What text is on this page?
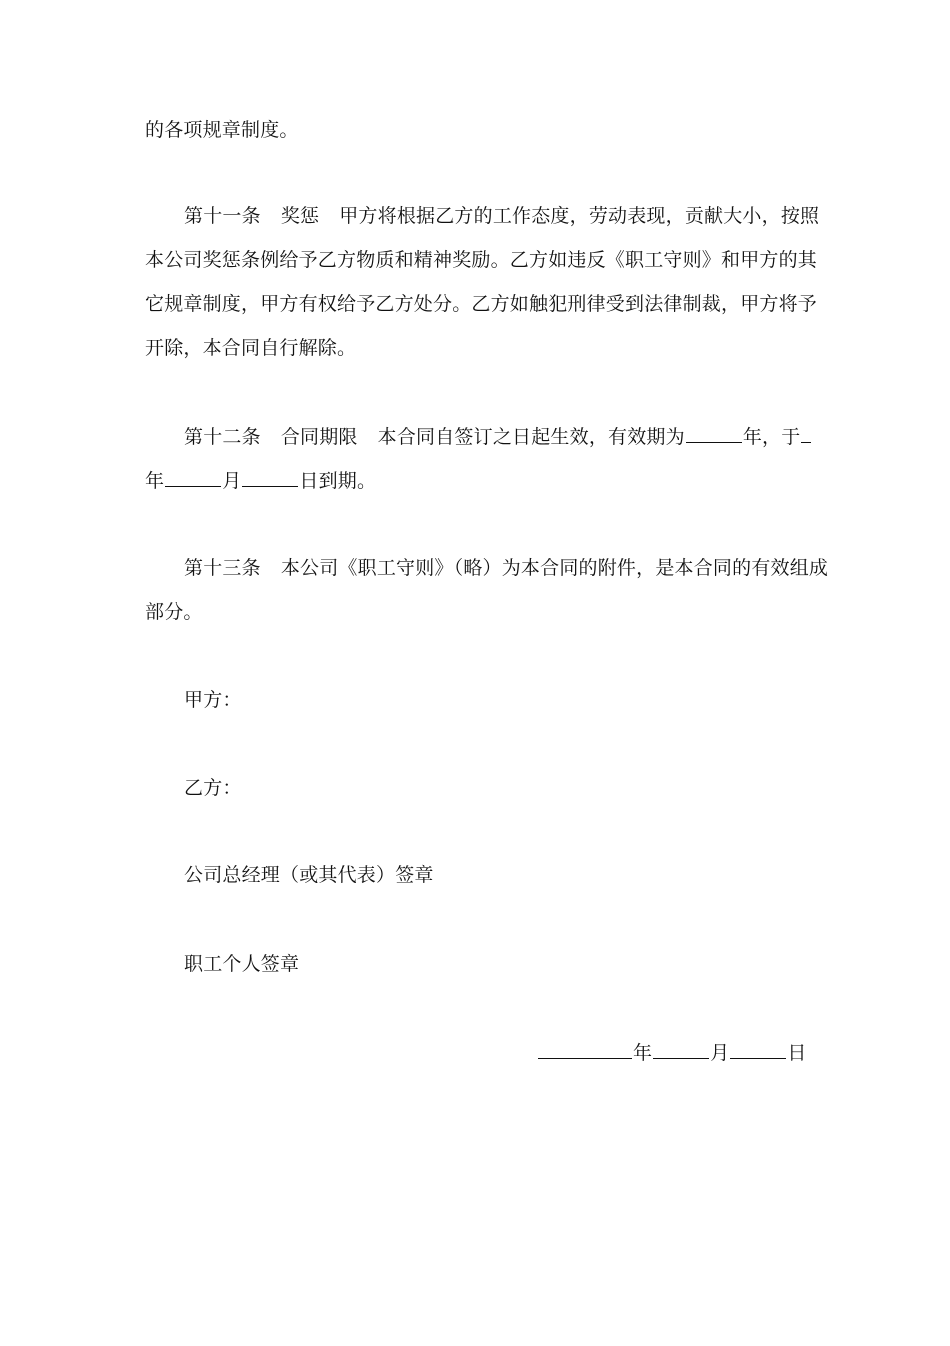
的各项规章制度。
第十一条 奖惩 甲方将根据乙方的工作态度，劳动表现，贡献大小，按照
本公司奖惩条例给予乙方物质和精神奖励。乙方如违反《职工守则》和甲方的其
它规章制度，甲方有权给予乙方处分。乙方如触犯刑律受到法律制裁，甲方将予
开除，本合同自行解除。
第十二条 合同期限 本合同自签订之日起生效，有效期为	年，于
年	月	日到期。
第十三条 本公司《职工守则》（略）为本合同的附件，是本合同的有效组成
部分。
甲方：
乙方：
公司总经理（或其代表）签章
职工个人签章
年	月	日
